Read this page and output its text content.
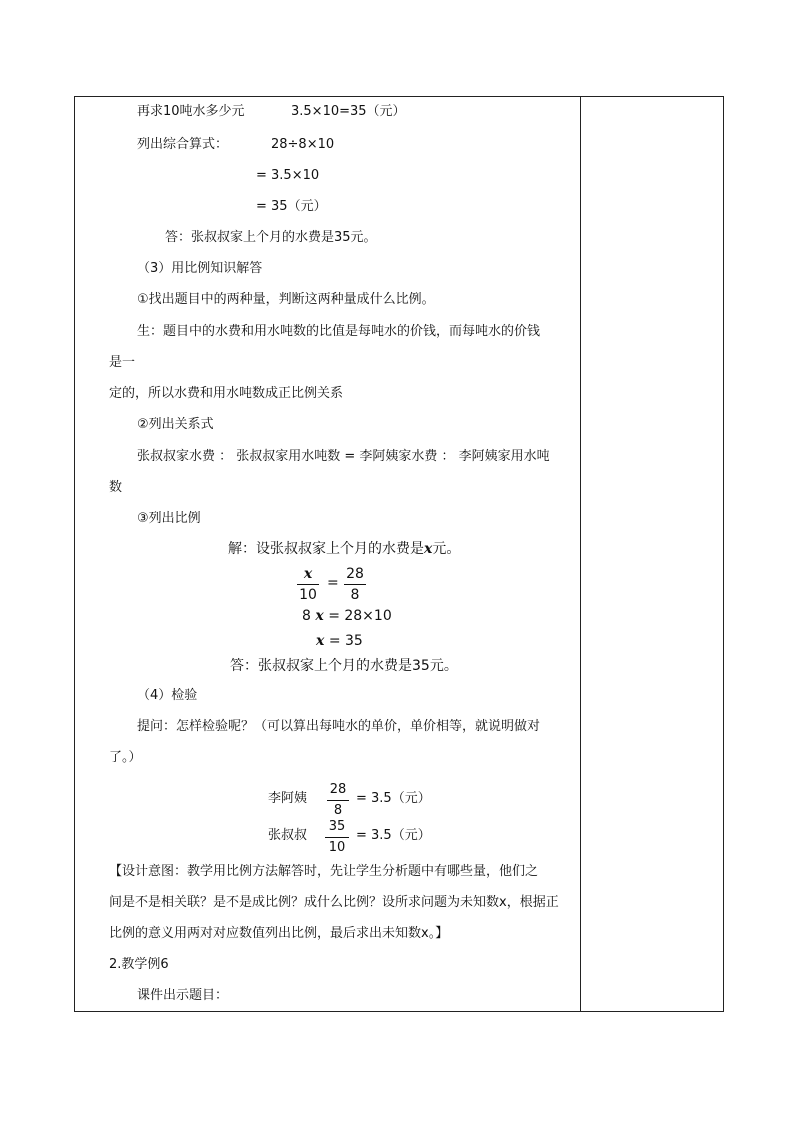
再求10吨水多少元	3.5×10=35（元）
列出综合算式：	28÷8×10
= 3.5×10
= 35（元）
答：张叔叔家上个月的水费是35元。
（3）用比例知识解答
①找出题目中的两种量，判断这两种量成什么比例。
生：题目中的水费和用水吨数的比值是每吨水的价钱，而每吨水的价钱
是一
定的，所以水费和用水吨数成正比例关系
②列出关系式
张叔叔家水费 ： 张叔叔家用水吨数 = 李阿姨家水费 ： 李阿姨家用水吨
数
③列出比例
解：设张叔叔家上个月的水费是x元。
x
10
=
28
8
8 x = 28×10
x = 35
答：张叔叔家上个月的水费是35元。
（4）检验
提问：怎样检验呢？（可以算出每吨水的单价，单价相等，就说明做对
了。）
李阿姨
28
8
= 3.5（元）
张叔叔
35
10
= 3.5（元）
【设计意图：教学用比例方法解答时，先让学生分析题中有哪些量，他们之
间是不是相关联？是不是成比例？成什么比例？设所求问题为未知数x，根据正
比例的意义用两对对应数值列出比例，最后求出未知数x。】
2.教学例6
课件出示题目：
